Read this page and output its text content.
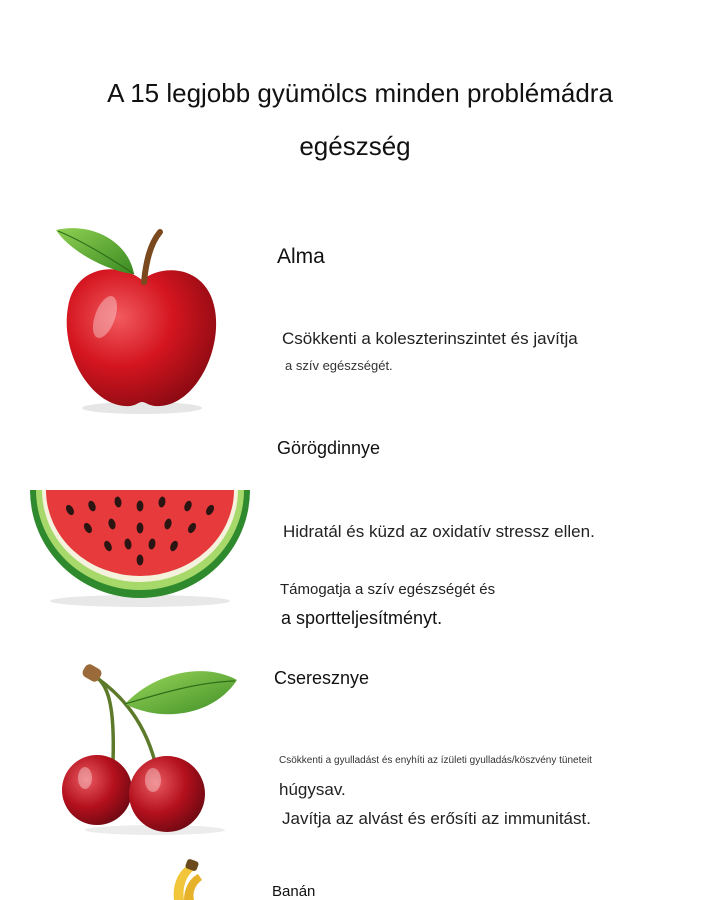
A 15 legjobb gyümölcs minden problémádra
egészség
Alma
Csökkenti a koleszterinszintet és javítja
a szív egészségét.
Görögdinnye
Hidratál és küzd az oxidatív stressz ellen.
Támogatja a szív egészségét és
a sportteljesítményt.
Cseresznye
Csökkenti a gyulladást és enyhíti az ízületi gyulladás/köszvény tüneteit
húgysav.
Javítja az alvást és erősíti az immunitást.
Banán
